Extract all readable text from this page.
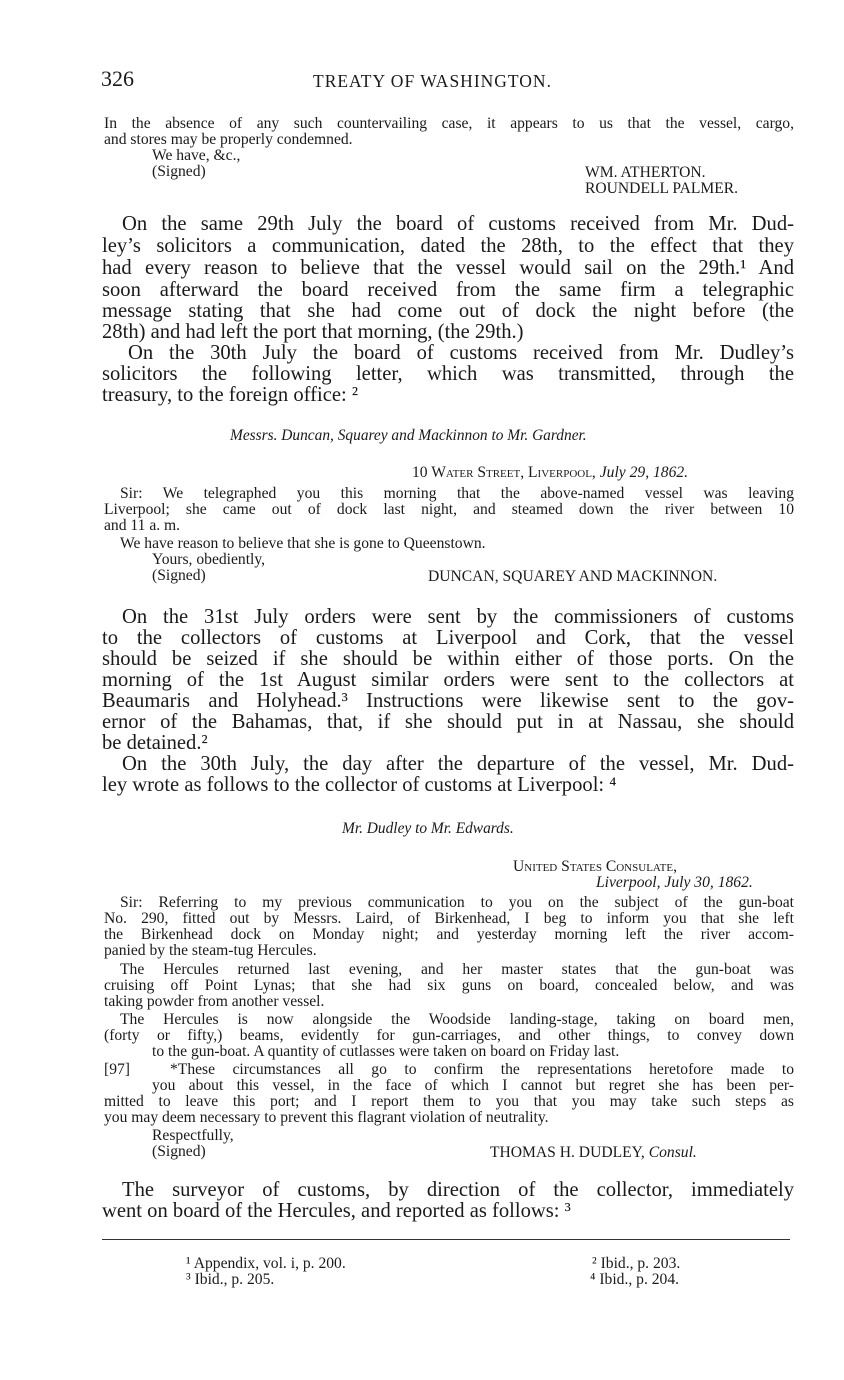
326	TREATY OF WASHINGTON.
In the absence of any such countervailing case, it appears to us that the vessel, cargo,
and stores may be properly condemned.
We have, &c.,
(Signed)	WM. ATHERTON.
ROUNDELL PALMER.
On the same 29th July the board of customs received from Mr. Dud-
ley’s solicitors a communication, dated the 28th, to the effect that they
had every reason to believe that the vessel would sail on the 29th.¹ And
soon afterward the board received from the same firm a telegraphic
message stating that she had come out of dock the night before (the
28th) and had left the port that morning, (the 29th.)
On the 30th July the board of customs received from Mr. Dudley’s
solicitors the following letter, which was transmitted, through the
treasury, to the foreign office: ²
Messrs. Duncan, Squarey and Mackinnon to Mr. Gardner.
10 Water Street, Liverpool, July 29, 1862.
Sir: We telegraphed you this morning that the above-named vessel was leaving
Liverpool; she came out of dock last night, and steamed down the river between 10
and 11 a. m.
We have reason to believe that she is gone to Queenstown.
Yours, obediently,
(Signed)	DUNCAN, SQUAREY AND MACKINNON.
On the 31st July orders were sent by the commissioners of customs
to the collectors of customs at Liverpool and Cork, that the vessel
should be seized if she should be within either of those ports. On the
morning of the 1st August similar orders were sent to the collectors at
Beaumaris and Holyhead.³ Instructions were likewise sent to the gov-
ernor of the Bahamas, that, if she should put in at Nassau, she should
be detained.²
On the 30th July, the day after the departure of the vessel, Mr. Dud-
ley wrote as follows to the collector of customs at Liverpool: ⁴
Mr. Dudley to Mr. Edwards.
United States Consulate,
Liverpool, July 30, 1862.
Sir: Referring to my previous communication to you on the subject of the gun-boat
No. 290, fitted out by Messrs. Laird, of Birkenhead, I beg to inform you that she left
the Birkenhead dock on Monday night; and yesterday morning left the river accom-
panied by the steam-tug Hercules.
The Hercules returned last evening, and her master states that the gun-boat was
cruising off Point Lynas; that she had six guns on board, concealed below, and was
taking powder from another vessel.
The Hercules is now alongside the Woodside landing-stage, taking on board men,
(forty or fifty,) beams, evidently for gun-carriages, and other things, to convey down
to the gun-boat. A quantity of cutlasses were taken on board on Friday last.
[97]	*These circumstances all go to confirm the representations heretofore made to
you about this vessel, in the face of which I cannot but regret she has been per-
mitted to leave this port; and I report them to you that you may take such steps as
you may deem necessary to prevent this flagrant violation of neutrality.
Respectfully,
(Signed)	THOMAS H. DUDLEY, Consul.
The surveyor of customs, by direction of the collector, immediately
went on board of the Hercules, and reported as follows: ³
¹ Appendix, vol. i, p. 200.	² Ibid., p. 203.
³ Ibid., p. 205.	⁴ Ibid., p. 204.
